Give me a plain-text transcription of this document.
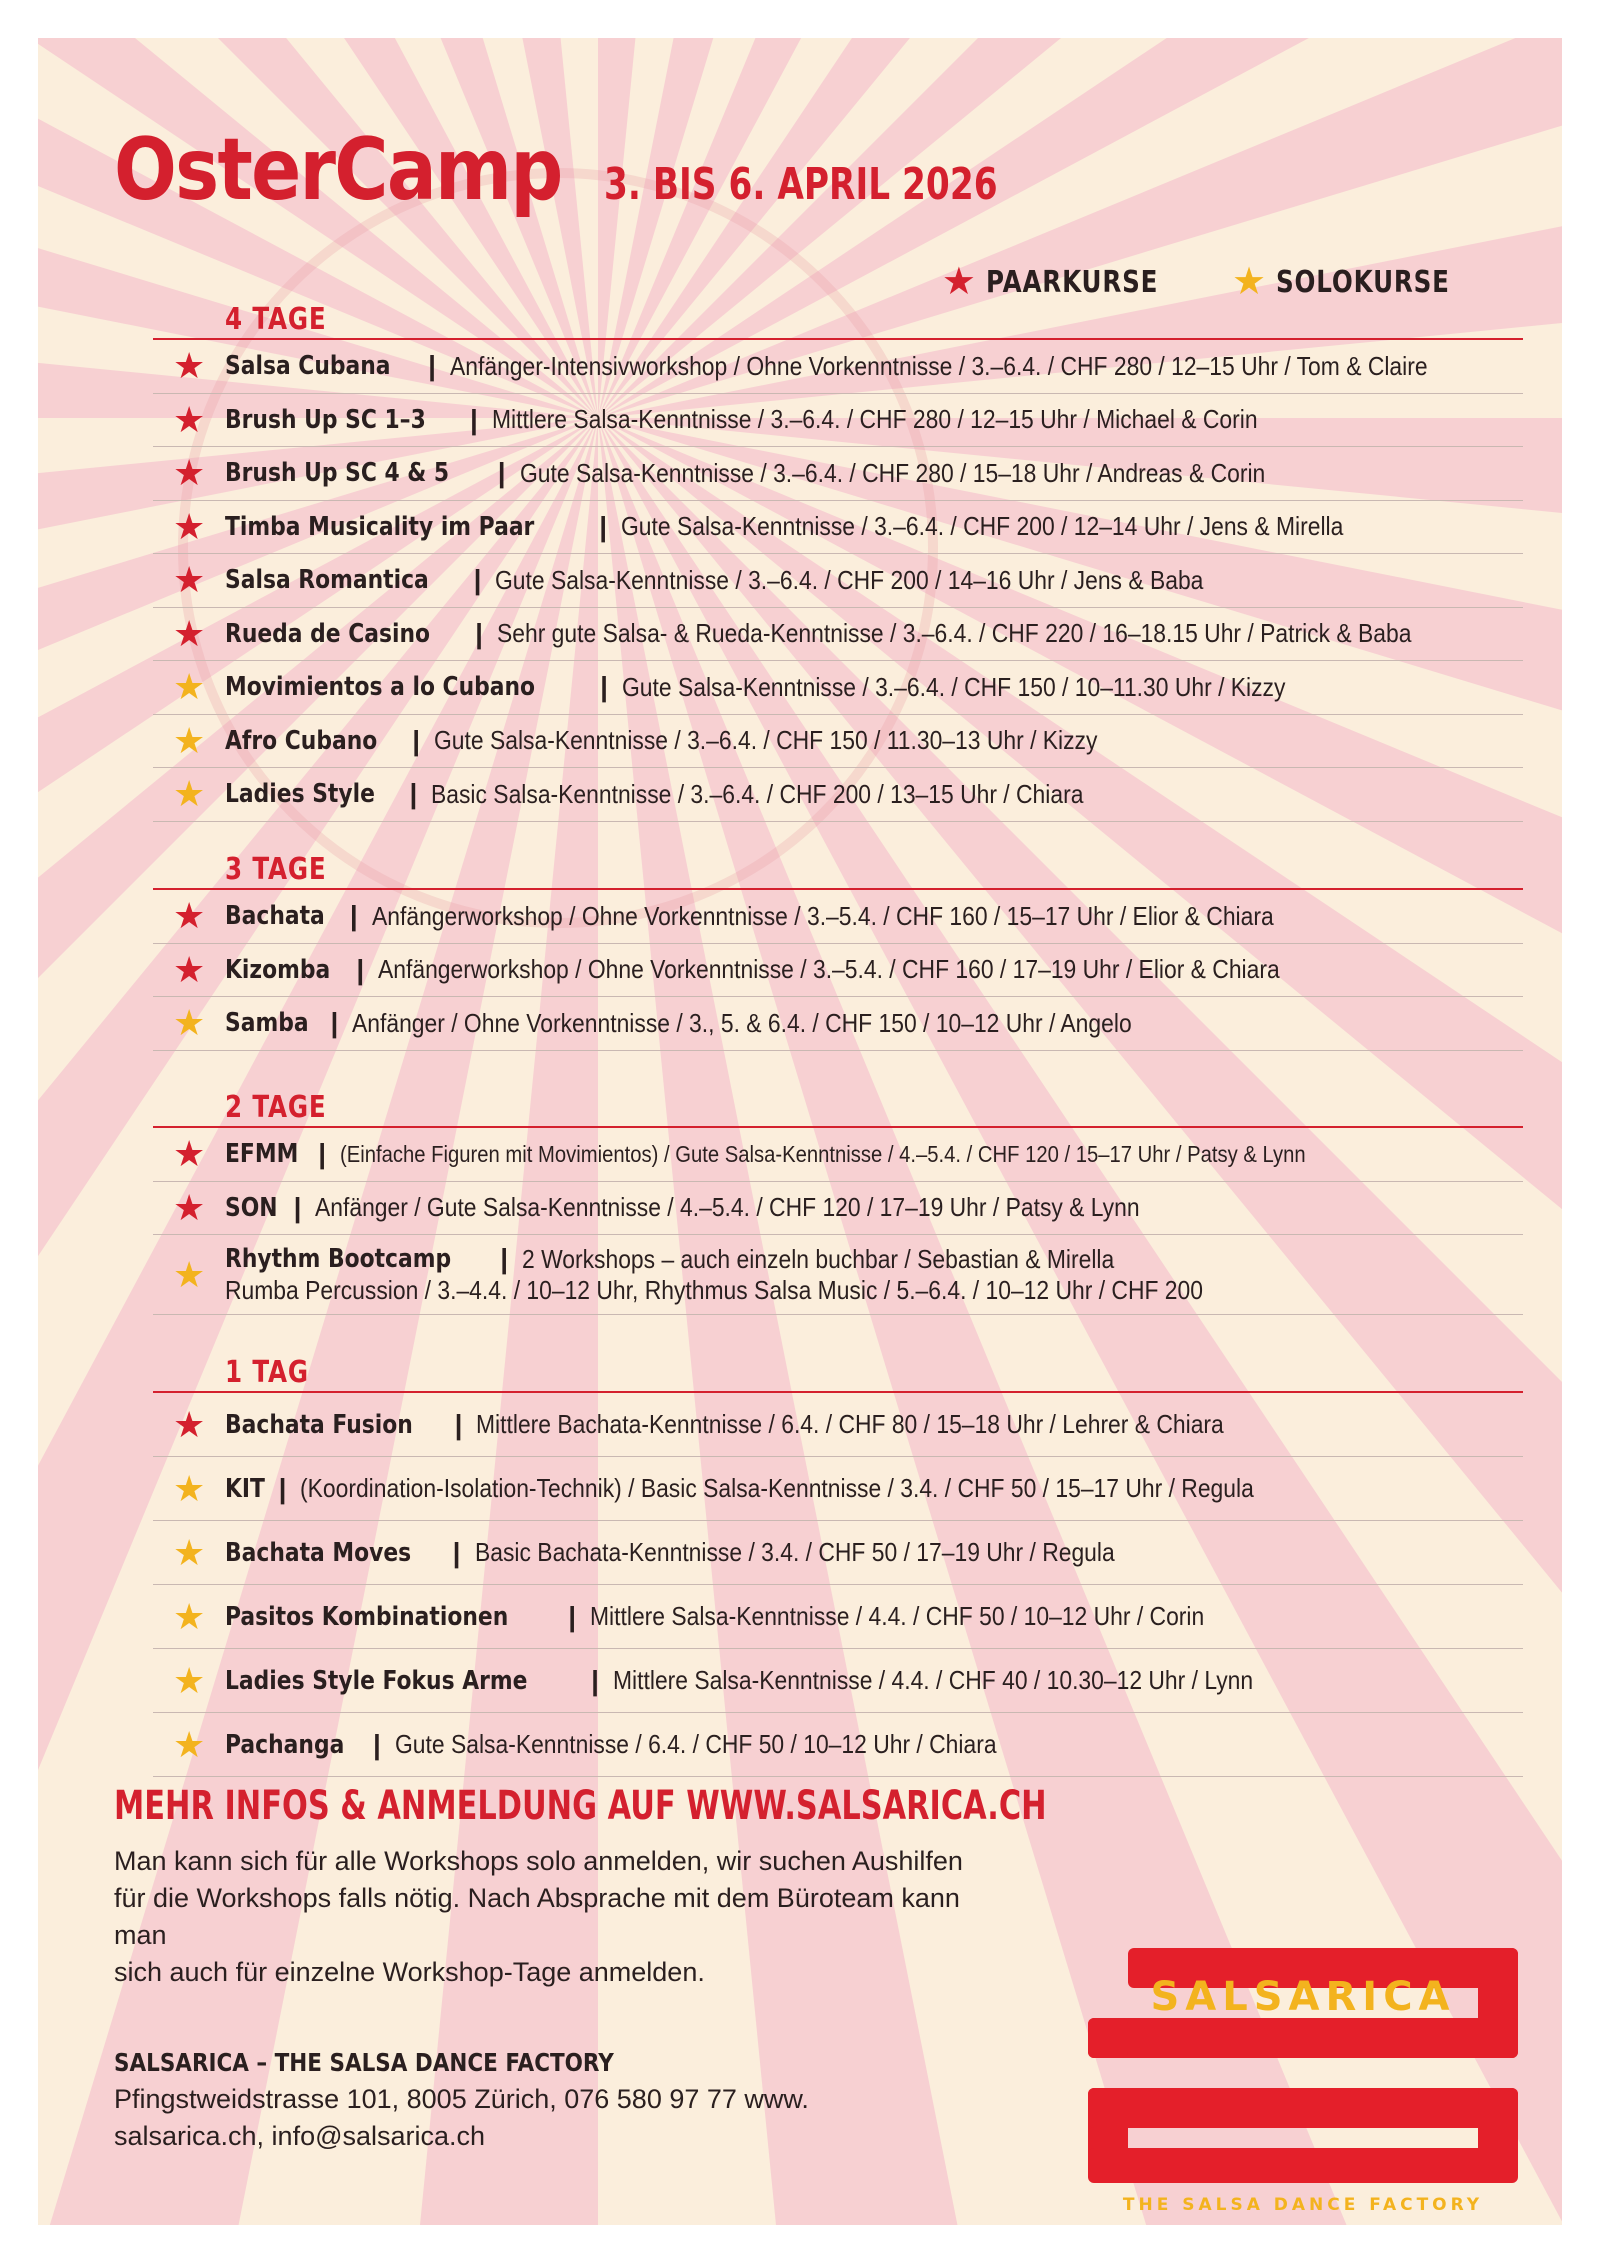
OsterCamp 3. BIS 6. APRIL 2026
★ PAARKURSE ★ SOLOKURSE
4 TAGE
★ Salsa Cubana | Anfänger-Intensivworkshop / Ohne Vorkenntnisse / 3.–6.4. / CHF 280 / 12–15 Uhr / Tom & Claire
★ Brush Up SC 1–3 | Mittlere Salsa-Kenntnisse / 3.–6.4. / CHF 280 / 12–15 Uhr / Michael & Corin
★ Brush Up SC 4 & 5 | Gute Salsa-Kenntnisse / 3.–6.4. / CHF 280 / 15–18 Uhr / Andreas & Corin
★ Timba Musicality im Paar | Gute Salsa-Kenntnisse / 3.–6.4. / CHF 200 / 12–14 Uhr / Jens & Mirella
★ Salsa Romantica | Gute Salsa-Kenntnisse / 3.–6.4. / CHF 200 / 14–16 Uhr / Jens & Baba
★ Rueda de Casino | Sehr gute Salsa- & Rueda-Kenntnisse / 3.–6.4. / CHF 220 / 16–18.15 Uhr / Patrick & Baba
★ Movimientos a lo Cubano | Gute Salsa-Kenntnisse / 3.–6.4. / CHF 150 / 10–11.30 Uhr / Kizzy
★ Afro Cubano | Gute Salsa-Kenntnisse / 3.–6.4. / CHF 150 / 11.30–13 Uhr / Kizzy
★ Ladies Style | Basic Salsa-Kenntnisse / 3.–6.4. / CHF 200 / 13–15 Uhr / Chiara
3 TAGE
★ Bachata | Anfängerworkshop / Ohne Vorkenntnisse / 3.–5.4. / CHF 160 / 15–17 Uhr / Elior & Chiara
★ Kizomba | Anfängerworkshop / Ohne Vorkenntnisse / 3.–5.4. / CHF 160 / 17–19 Uhr / Elior & Chiara
★ Samba | Anfänger / Ohne Vorkenntnisse / 3., 5. & 6.4. / CHF 150 / 10–12 Uhr / Angelo
2 TAGE
★ EFMM | (Einfache Figuren mit Movimientos) / Gute Salsa-Kenntnisse / 4.–5.4. / CHF 120 / 15–17 Uhr / Patsy & Lynn
★ SON | Anfänger / Gute Salsa-Kenntnisse / 4.–5.4. / CHF 120 / 17–19 Uhr / Patsy & Lynn
★ Rhythm Bootcamp | 2 Workshops – auch einzeln buchbar / Sebastian & Mirella
Rumba Percussion / 3.–4.4. / 10–12 Uhr, Rhythmus Salsa Music / 5.–6.4. / 10–12 Uhr / CHF 200
1 TAG
★ Bachata Fusion | Mittlere Bachata-Kenntnisse / 6.4. / CHF 80 / 15–18 Uhr / Lehrer & Chiara
★ KIT | (Koordination-Isolation-Technik) / Basic Salsa-Kenntnisse / 3.4. / CHF 50 / 15–17 Uhr / Regula
★ Bachata Moves | Basic Bachata-Kenntnisse / 3.4. / CHF 50 / 17–19 Uhr / Regula
★ Pasitos Kombinationen | Mittlere Salsa-Kenntnisse / 4.4. / CHF 50 / 10–12 Uhr / Corin
★ Ladies Style Fokus Arme | Mittlere Salsa-Kenntnisse / 4.4. / CHF 40 / 10.30–12 Uhr / Lynn
★ Pachanga | Gute Salsa-Kenntnisse / 6.4. / CHF 50 / 10–12 Uhr / Chiara
MEHR INFOS & ANMELDUNG AUF WWW.SALSARICA.CH
Man kann sich für alle Workshops solo anmelden, wir suchen Aushilfen
für die Workshops falls nötig. Nach Absprache mit dem Büroteam kann man
sich auch für einzelne Workshop-Tage anmelden.
SALSARICA – THE SALSA DANCE FACTORY
Pfingstweidstrasse 101, 8005 Zürich, 076 580 97 77 www.
salsarica.ch, info@salsarica.ch
SALSARICA
THE SALSA DANCE FACTORY
